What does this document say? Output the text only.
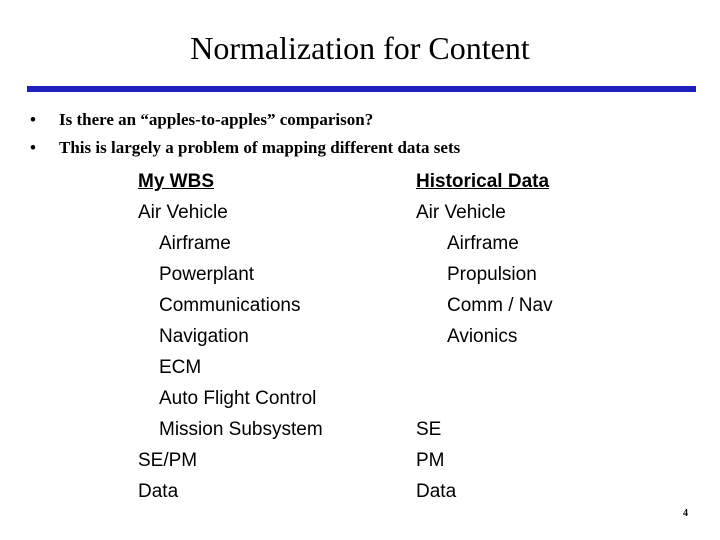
Normalization for Content
• Is there an “apples-to-apples” comparison?
• This is largely a problem of mapping different data sets
My WBS
Air Vehicle
Airframe
Powerplant
Communications
Navigation
ECM
Auto Flight Control
Mission Subsystem
SE/PM
Data
Historical Data
Air Vehicle
Airframe
Propulsion
Comm / Nav
Avionics
SE
PM
Data
4
